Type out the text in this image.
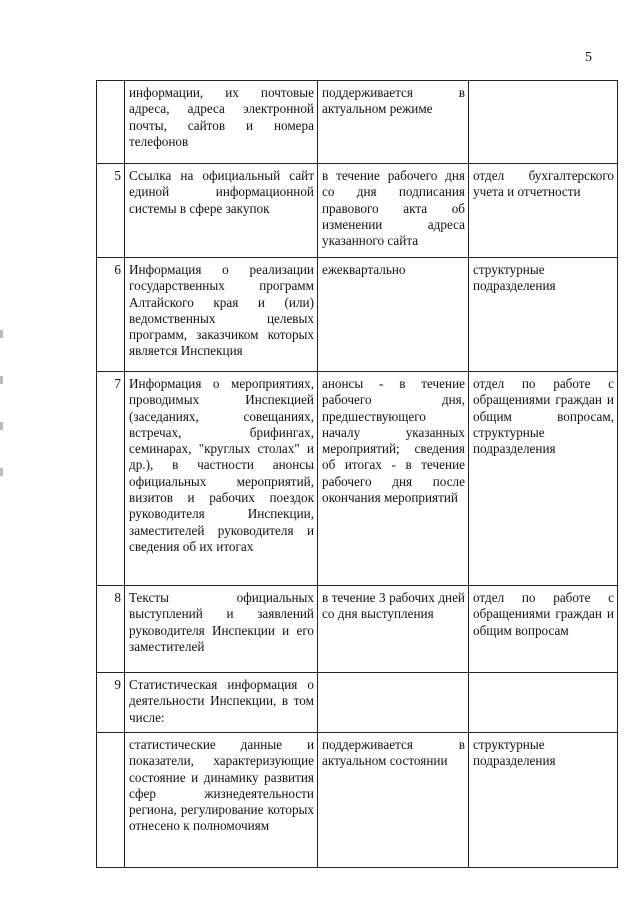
5
	информации, их почтовые адреса, адреса электронной почты, сайтов и номера телефонов	поддерживается в актуальном режиме	
5	Ссылка на официальный сайт единой информационной системы в сфере закупок	в течение рабочего дня со дня подписания правового акта об изменении адреса указанного сайта	отдел бухгалтерского учета и отчетности
6	Информация о реализации государственных программ Алтайского края и (или) ведомственных целевых программ, заказчиком которых является Инспекция	ежеквартально	структурные подразделения
7	Информация о мероприятиях, проводимых Инспекцией (заседаниях, совещаниях, встречах, брифингах, семинарах, "круглых столах" и др.), в частности анонсы официальных мероприятий, визитов и рабочих поездок руководителя Инспекции, заместителей руководителя и сведения об их итогах	анонсы - в течение рабочего дня, предшествующего началу указанных мероприятий; сведения об итогах - в течение рабочего дня после окончания мероприятий	отдел по работе с обращениями граждан и общим вопросам, структурные подразделения
8	Тексты официальных выступлений и заявлений руководителя Инспекции и его заместителей	в течение 3 рабочих дней со дня выступления	отдел по работе с обращениями граждан и общим вопросам
9	Статистическая информация о деятельности Инспекции, в том числе:		
	статистические данные и показатели, характеризующие состояние и динамику развития сфер жизнедеятельности региона, регулирование которых отнесено к полномочиям	поддерживается в актуальном состоянии	структурные подразделения
